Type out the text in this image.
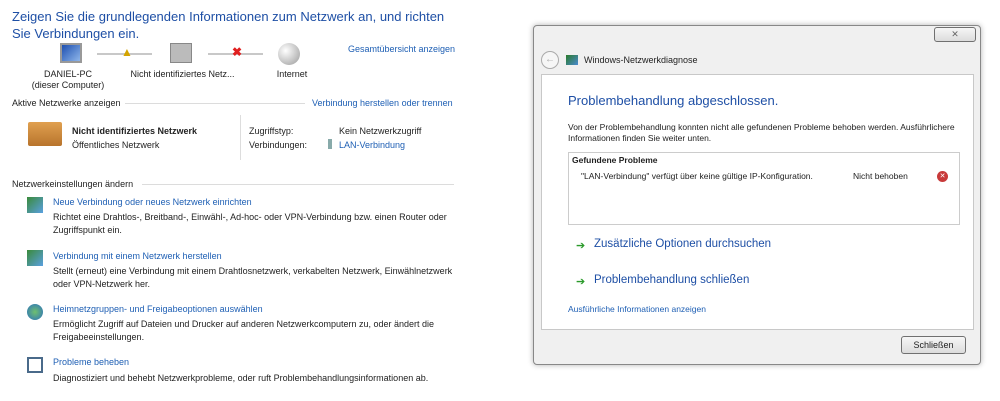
Zeigen Sie die grundlegenden Informationen zum Netzwerk an, und richten Sie Verbindungen ein.
Gesamtübersicht anzeigen
▲	✖
DANIEL-PC
(dieser Computer)
Nicht identifiziertes Netz...	Internet
Aktive Netzwerke anzeigen	Verbindung herstellen oder trennen
Nicht identifiziertes Netzwerk
Öffentliches Netzwerk
Zugriffstyp:	Kein Netzwerkzugriff
Verbindungen:	LAN-Verbindung
Netzwerkeinstellungen ändern
Neue Verbindung oder neues Netzwerk einrichten
Richtet eine Drahtlos-, Breitband-, Einwähl-, Ad-hoc- oder VPN-Verbindung bzw. einen Router oder Zugriffspunkt ein.
Verbindung mit einem Netzwerk herstellen
Stellt (erneut) eine Verbindung mit einem Drahtlosnetzwerk, verkabelten Netzwerk, Einwählnetzwerk oder VPN-Netzwerk her.
Heimnetzgruppen- und Freigabeoptionen auswählen
Ermöglicht Zugriff auf Dateien und Drucker auf anderen Netzwerkcomputern zu, oder ändert die Freigabeeinstellungen.
Probleme beheben
Diagnostiziert und behebt Netzwerkprobleme, oder ruft Problembehandlungsinformationen ab.
✕
←	Windows-Netzwerkdiagnose
Problembehandlung abgeschlossen.
Von der Problembehandlung konnten nicht alle gefundenen Probleme behoben werden. Ausführlichere Informationen finden Sie weiter unten.
Gefundene Probleme
"LAN-Verbindung" verfügt über keine gültige IP-Konfiguration.	Nicht behoben	✕
➔ Zusätzliche Optionen durchsuchen
➔ Problembehandlung schließen
Ausführliche Informationen anzeigen
Schließen
